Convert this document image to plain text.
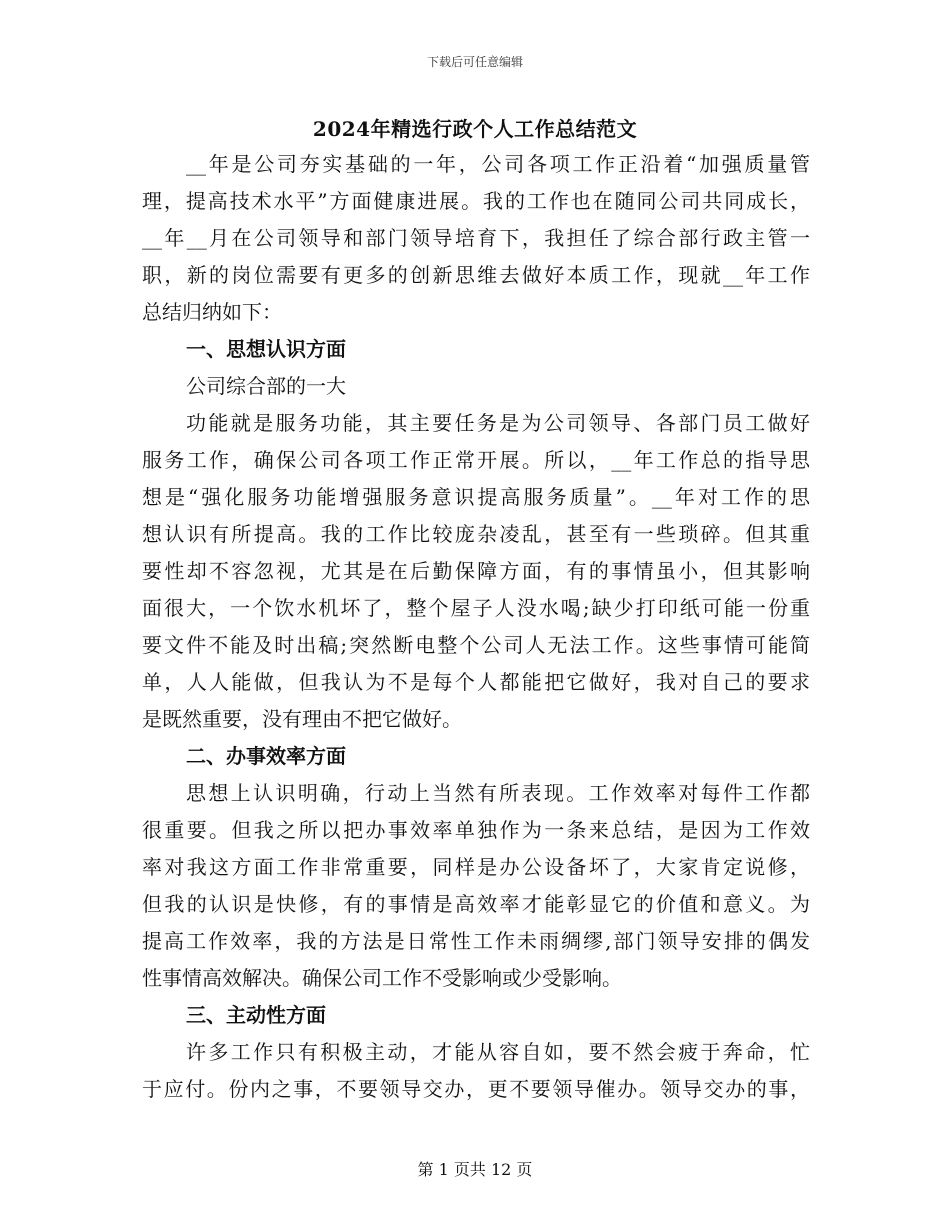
下载后可任意编辑
2024年精选行政个人工作总结范文
__年是公司夯实基础的一年，公司各项工作正沿着“加强质量管
理，提高技术水平”方面健康进展。我的工作也在随同公司共同成长，
__年__月在公司领导和部门领导培育下，我担任了综合部行政主管一
职，新的岗位需要有更多的创新思维去做好本质工作，现就__年工作
总结归纳如下：
一、思想认识方面
公司综合部的一大
功能就是服务功能，其主要任务是为公司领导、各部门员工做好
服务工作，确保公司各项工作正常开展。所以，__年工作总的指导思
想是“强化服务功能增强服务意识提高服务质量”。__年对工作的思
想认识有所提高。我的工作比较庞杂凌乱，甚至有一些琐碎。但其重
要性却不容忽视，尤其是在后勤保障方面，有的事情虽小，但其影响
面很大，一个饮水机坏了，整个屋子人没水喝;缺少打印纸可能一份重
要文件不能及时出稿;突然断电整个公司人无法工作。这些事情可能简
单，人人能做，但我认为不是每个人都能把它做好，我对自己的要求
是既然重要，没有理由不把它做好。
二、办事效率方面
思想上认识明确，行动上当然有所表现。工作效率对每件工作都
很重要。但我之所以把办事效率单独作为一条来总结，是因为工作效
率对我这方面工作非常重要，同样是办公设备坏了，大家肯定说修，
但我的认识是快修，有的事情是高效率才能彰显它的价值和意义。为
提高工作效率，我的方法是日常性工作未雨绸缪,部门领导安排的偶发
性事情高效解决。确保公司工作不受影响或少受影响。
三、主动性方面
许多工作只有积极主动，才能从容自如，要不然会疲于奔命，忙
于应付。份内之事，不要领导交办，更不要领导催办。领导交办的事，
第 1 页共 12 页
